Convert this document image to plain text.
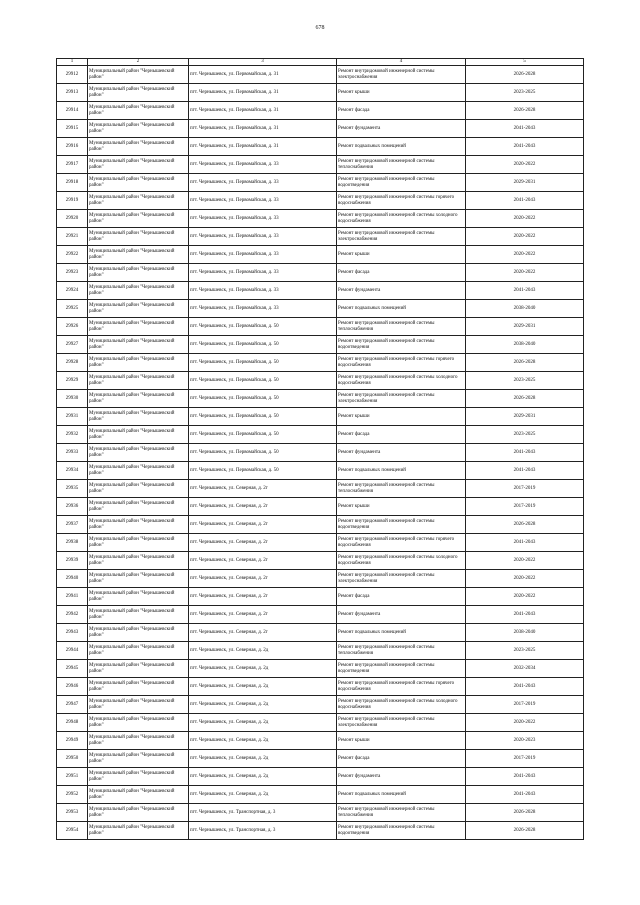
678
1	2	3	4	5
29912	Муниципальный район "Чернышевский район"	пгт. Чернышевск, ул. Первомайская, д. 31	Ремонт внутридомовой инженерной системы электроснабжения	2026-2028
29913	Муниципальный район "Чернышевский район"	пгт. Чернышевск, ул. Первомайская, д. 31	Ремонт крыши	2023-2025
29914	Муниципальный район "Чернышевский район"	пгт. Чернышевск, ул. Первомайская, д. 31	Ремонт фасада	2026-2028
29915	Муниципальный район "Чернышевский район"	пгт. Чернышевск, ул. Первомайская, д. 31	Ремонт фундамента	2041-2043
29916	Муниципальный район "Чернышевский район"	пгт. Чернышевск, ул. Первомайская, д. 31	Ремонт подвальных помещений	2041-2043
29917	Муниципальный район "Чернышевский район"	пгт. Чернышевск, ул. Первомайская, д. 33	Ремонт внутридомовой инженерной системы теплоснабжения	2020-2022
29918	Муниципальный район "Чернышевский район"	пгт. Чернышевск, ул. Первомайская, д. 33	Ремонт внутридомовой инженерной системы водоотведения	2029-2031
29919	Муниципальный район "Чернышевский район"	пгт. Чернышевск, ул. Первомайская, д. 33	Ремонт внутридомовой инженерной системы горячего водоснабжения	2041-2043
29920	Муниципальный район "Чернышевский район"	пгт. Чернышевск, ул. Первомайская, д. 33	Ремонт внутридомовой инженерной системы холодного водоснабжения	2020-2022
29921	Муниципальный район "Чернышевский район"	пгт. Чернышевск, ул. Первомайская, д. 33	Ремонт внутридомовой инженерной системы электроснабжения	2020-2022
29922	Муниципальный район "Чернышевский район"	пгт. Чернышевск, ул. Первомайская, д. 33	Ремонт крыши	2020-2022
29923	Муниципальный район "Чернышевский район"	пгт. Чернышевск, ул. Первомайская, д. 33	Ремонт фасада	2020-2022
29924	Муниципальный район "Чернышевский район"	пгт. Чернышевск, ул. Первомайская, д. 33	Ремонт фундамента	2041-2043
29925	Муниципальный район "Чернышевский район"	пгт. Чернышевск, ул. Первомайская, д. 33	Ремонт подвальных помещений	2038-2040
29926	Муниципальный район "Чернышевский район"	пгт. Чернышевск, ул. Первомайская, д. 50	Ремонт внутридомовой инженерной системы теплоснабжения	2029-2031
29927	Муниципальный район "Чернышевский район"	пгт. Чернышевск, ул. Первомайская, д. 50	Ремонт внутридомовой инженерной системы водоотведения	2038-2040
29928	Муниципальный район "Чернышевский район"	пгт. Чернышевск, ул. Первомайская, д. 50	Ремонт внутридомовой инженерной системы горячего водоснабжения	2026-2028
29929	Муниципальный район "Чернышевский район"	пгт. Чернышевск, ул. Первомайская, д. 50	Ремонт внутридомовой инженерной системы холодного водоснабжения	2023-2025
29930	Муниципальный район "Чернышевский район"	пгт. Чернышевск, ул. Первомайская, д. 50	Ремонт внутридомовой инженерной системы электроснабжения	2026-2028
29931	Муниципальный район "Чернышевский район"	пгт. Чернышевск, ул. Первомайская, д. 50	Ремонт крыши	2029-2031
29932	Муниципальный район "Чернышевский район"	пгт. Чернышевск, ул. Первомайская, д. 50	Ремонт фасада	2023-2025
29933	Муниципальный район "Чернышевский район"	пгт. Чернышевск, ул. Первомайская, д. 50	Ремонт фундамента	2041-2043
29934	Муниципальный район "Чернышевский район"	пгт. Чернышевск, ул. Первомайская, д. 50	Ремонт подвальных помещений	2041-2043
29935	Муниципальный район "Чернышевский район"	пгт. Чернышевск, ул. Северная, д. 2г	Ремонт внутридомовой инженерной системы теплоснабжения	2017-2019
29936	Муниципальный район "Чернышевский район"	пгт. Чернышевск, ул. Северная, д. 2г	Ремонт крыши	2017-2019
29937	Муниципальный район "Чернышевский район"	пгт. Чернышевск, ул. Северная, д. 2г	Ремонт внутридомовой инженерной системы водоотведения	2026-2028
29938	Муниципальный район "Чернышевский район"	пгт. Чернышевск, ул. Северная, д. 2г	Ремонт внутридомовой инженерной системы горячего водоснабжения	2041-2043
29939	Муниципальный район "Чернышевский район"	пгт. Чернышевск, ул. Северная, д. 2г	Ремонт внутридомовой инженерной системы холодного водоснабжения	2020-2022
29940	Муниципальный район "Чернышевский район"	пгт. Чернышевск, ул. Северная, д. 2г	Ремонт внутридомовой инженерной системы электроснабжения	2020-2022
29941	Муниципальный район "Чернышевский район"	пгт. Чернышевск, ул. Северная, д. 2г	Ремонт фасада	2020-2022
29942	Муниципальный район "Чернышевский район"	пгт. Чернышевск, ул. Северная, д. 2г	Ремонт фундамента	2041-2043
29943	Муниципальный район "Чернышевский район"	пгт. Чернышевск, ул. Северная, д. 2г	Ремонт подвальных помещений	2038-2040
29944	Муниципальный район "Чернышевский район"	пгт. Чернышевск, ул. Северная, д. 2д	Ремонт внутридомовой инженерной системы теплоснабжения	2023-2025
29945	Муниципальный район "Чернышевский район"	пгт. Чернышевск, ул. Северная, д. 2д	Ремонт внутридомовой инженерной системы водоотведения	2032-2034
29946	Муниципальный район "Чернышевский район"	пгт. Чернышевск, ул. Северная, д. 2д	Ремонт внутридомовой инженерной системы горячего водоснабжения	2041-2043
29947	Муниципальный район "Чернышевский район"	пгт. Чернышевск, ул. Северная, д. 2д	Ремонт внутридомовой инженерной системы холодного водоснабжения	2017-2019
29948	Муниципальный район "Чернышевский район"	пгт. Чернышевск, ул. Северная, д. 2д	Ремонт внутридомовой инженерной системы электроснабжения	2020-2022
29949	Муниципальный район "Чернышевский район"	пгт. Чернышевск, ул. Северная, д. 2д	Ремонт крыши	2020-2023
29950	Муниципальный район "Чернышевский район"	пгт. Чернышевск, ул. Северная, д. 2д	Ремонт фасада	2017-2019
29951	Муниципальный район "Чернышевский район"	пгт. Чернышевск, ул. Северная, д. 2д	Ремонт фундамента	2041-2043
29952	Муниципальный район "Чернышевский район"	пгт. Чернышевск, ул. Северная, д. 2д	Ремонт подвальных помещений	2041-2043
29953	Муниципальный район "Чернышевский район"	пгт. Чернышевск, ул. Транспортная, д. 3	Ремонт внутридомовой инженерной системы теплоснабжения	2026-2028
29954	Муниципальный район "Чернышевский район"	пгт. Чернышевск, ул. Транспортная, д. 3	Ремонт внутридомовой инженерной системы водоотведения	2026-2028
